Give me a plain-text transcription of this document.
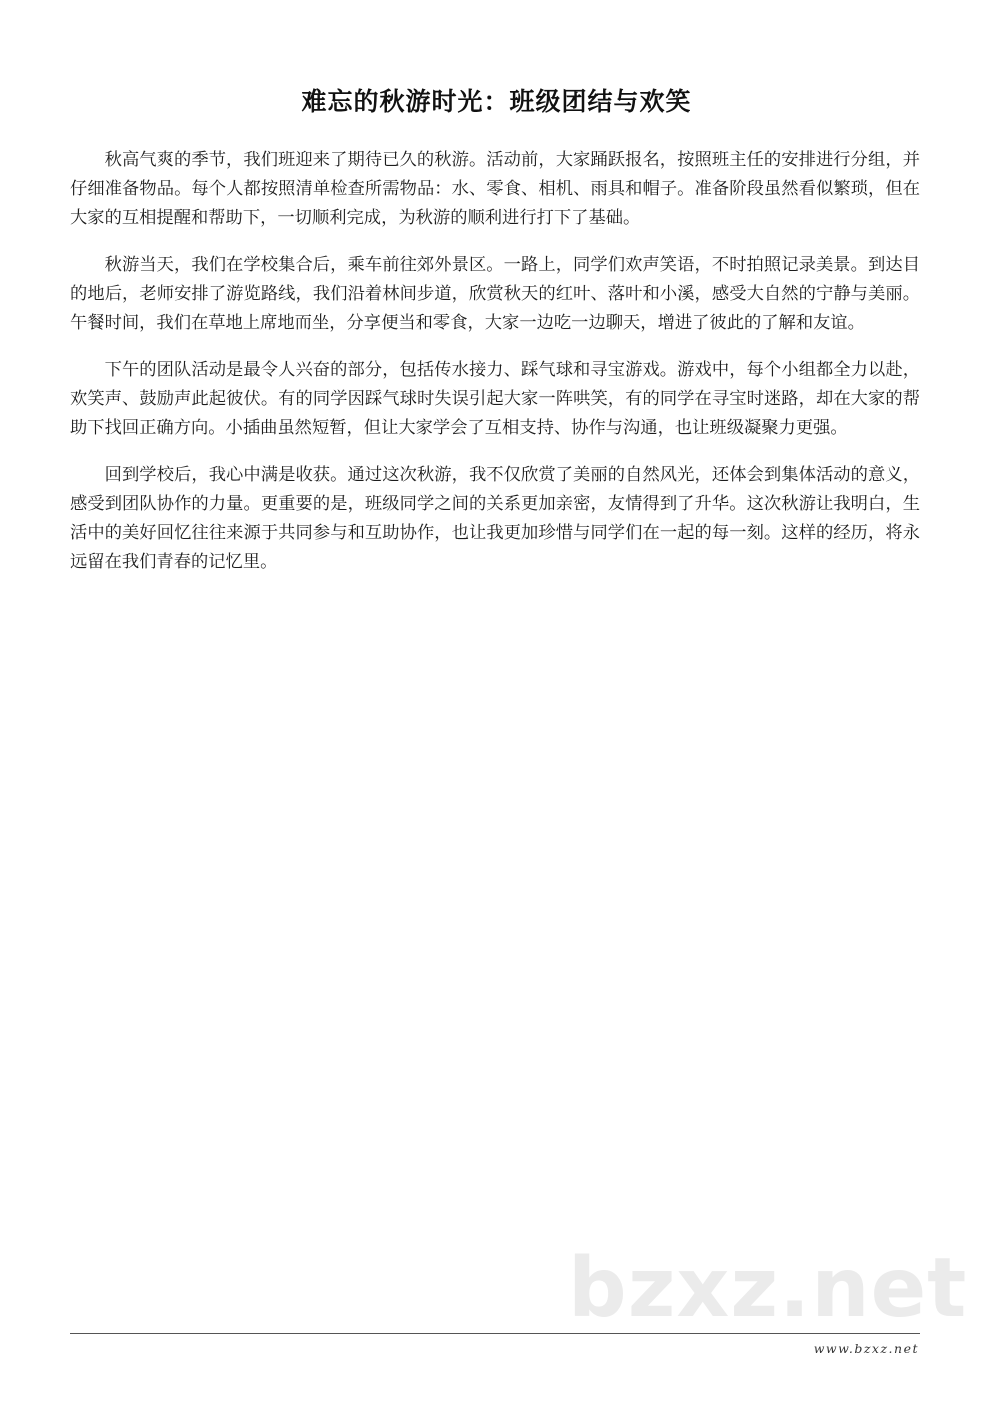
难忘的秋游时光：班级团结与欢笑

秋高气爽的季节，我们班迎来了期待已久的秋游。活动前，大家踊跃报名，按照班主任的安排进行分组，并仔细准备物品。每个人都按照清单检查所需物品：水、零食、相机、雨具和帽子。准备阶段虽然看似繁琐，但在大家的互相提醒和帮助下，一切顺利完成，为秋游的顺利进行打下了基础。

秋游当天，我们在学校集合后，乘车前往郊外景区。一路上，同学们欢声笑语，不时拍照记录美景。到达目的地后，老师安排了游览路线，我们沿着林间步道，欣赏秋天的红叶、落叶和小溪，感受大自然的宁静与美丽。午餐时间，我们在草地上席地而坐，分享便当和零食，大家一边吃一边聊天，增进了彼此的了解和友谊。

下午的团队活动是最令人兴奋的部分，包括传水接力、踩气球和寻宝游戏。游戏中，每个小组都全力以赴，欢笑声、鼓励声此起彼伏。有的同学因踩气球时失误引起大家一阵哄笑，有的同学在寻宝时迷路，却在大家的帮助下找回正确方向。小插曲虽然短暂，但让大家学会了互相支持、协作与沟通，也让班级凝聚力更强。

回到学校后，我心中满是收获。通过这次秋游，我不仅欣赏了美丽的自然风光，还体会到集体活动的意义，感受到团队协作的力量。更重要的是，班级同学之间的关系更加亲密，友情得到了升华。这次秋游让我明白，生活中的美好回忆往往来源于共同参与和互助协作，也让我更加珍惜与同学们在一起的每一刻。这样的经历，将永远留在我们青春的记忆里。

bzxz.net
www.bzxz.net
